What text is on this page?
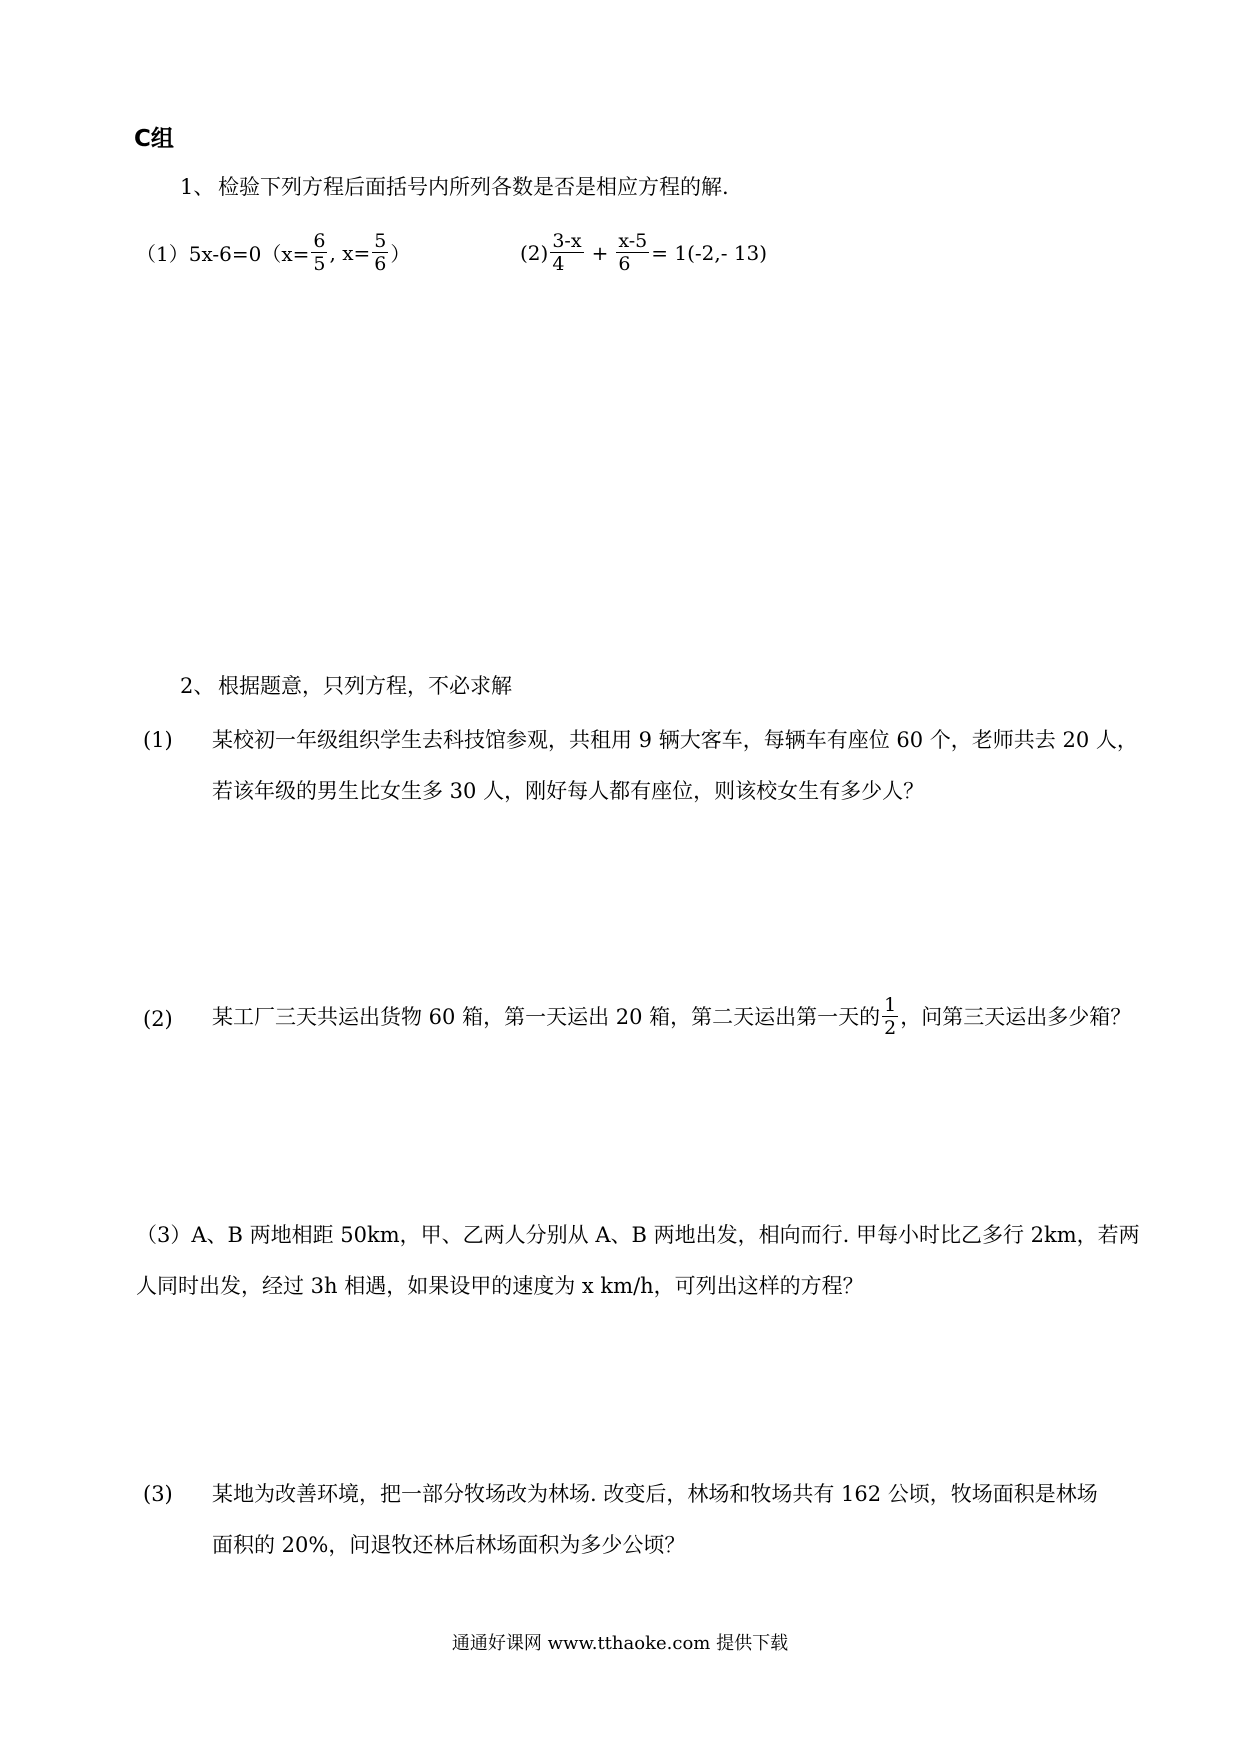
C组
1、 检验下列方程后面括号内所列各数是否是相应方程的解.
（1） $5x-6=0(x= \frac{6}{5}$ , $x= \frac{5}{6}$ ）	$(2) \frac{3-x}{4} + \frac{x-5}{6} = 1(-2,-$ 13)
2、 根据题意，只列方程，不必求解
(1) 某校初一年级组织学生去科技馆参观，共租用 9 辆大客车，每辆车有座位 60 个，老师共去 20 人，
若该年级的男生比女生多 30 人，刚好每人都有座位，则该校女生有多少人？
(2) 某工厂三天共运出货物 60 箱，第一天运出 20 箱，第二天运出第一天的 $\frac{1}{2}$ ，问第三天运出多少箱？
（3）A、B 两地相距 50km，甲、乙两人分别从 A、B 两地出发，相向而行. 甲每小时比乙多行 2km，若两
人同时出发，经过 3h 相遇，如果设甲的速度为 x km/h，可列出这样的方程？
(3) 某地为改善环境，把一部分牧场改为林场. 改变后，林场和牧场共有 162 公顷，牧场面积是林场
面积的 20%，问退牧还林后林场面积为多少公顷？
通通好课网 www.tthaoke.com 提供下载
